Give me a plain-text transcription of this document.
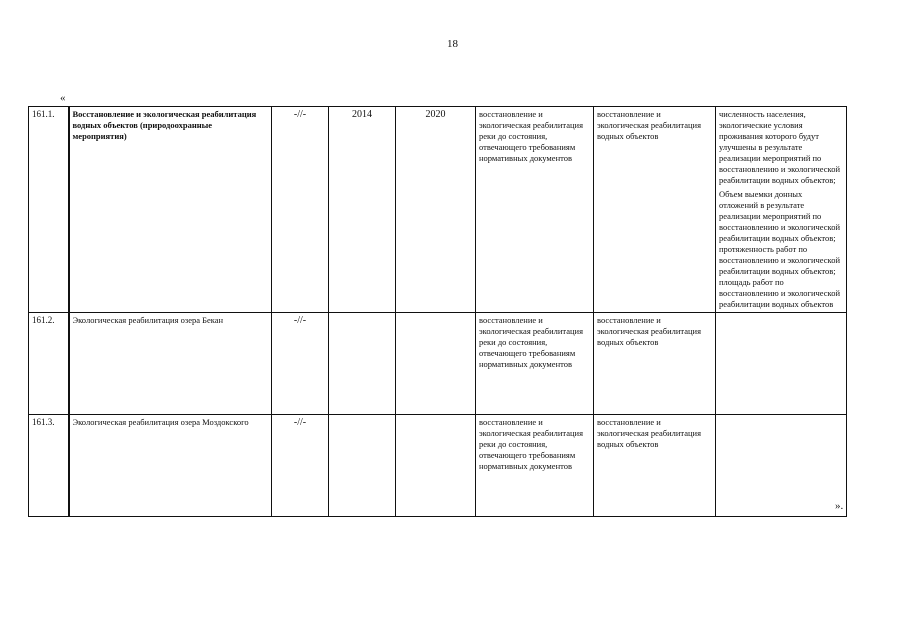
18
«
161.1.	Восстановление и экологическая реабилитация водных объектов (природоохранные мероприятия)	-//-	2014	2020	восстановление и экологическая реабилитация реки до состояния, отвечающего требованиям нормативных документов	восстановление и экологическая реабилитация водных объектов	численность населения, экологические условия проживания которого будут улучшены в результате реализации мероприятий по восстановлению и экологической реабилитации водных объектов;
Объем выемки донных отложений в результате реализации мероприятий по восстановлению и экологической реабилитации водных объектов; протяженность работ по восстановлению и экологической реабилитации водных объектов; площадь работ по восстановлению и экологической реабилитации водных объектов

161.2.	Экологическая реабилитация озера Бекан	-//-			восстановление и экологическая реабилитация реки до состояния, отвечающего требованиям нормативных документов	восстановление и экологическая реабилитация водных объектов	

161.3.	Экологическая реабилитация озера Моздокского	-//-			восстановление и экологическая реабилитация реки до состояния, отвечающего требованиям нормативных документов	восстановление и экологическая реабилитация водных объектов	
».
